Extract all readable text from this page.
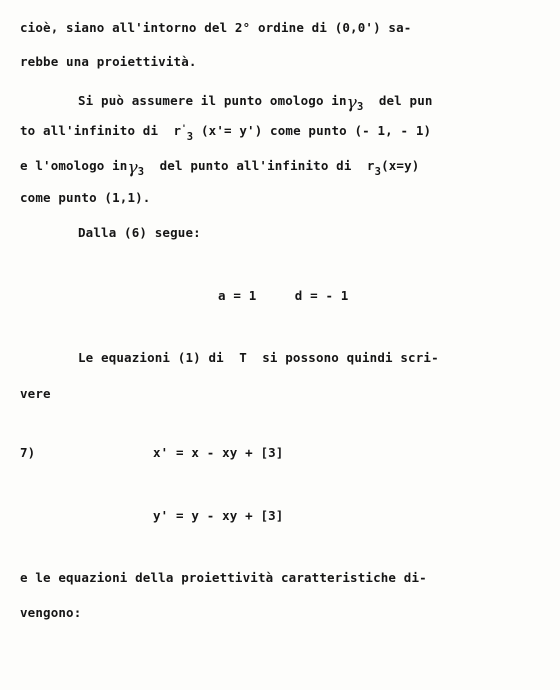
cioè, siano all'intorno del 2° ordine di (0,0') sa-
rebbe una proiettività.
Si può assumere il punto omologo inγ$_3$ del pun
to all'infinito di $r'_3$ (x'= y') come punto (- 1, - 1)
e l'omologo inγ$_3$ del punto all'infinito di $r_3(x=y)$
come punto (1,1).
Dalla (6) segue:
a = 1     d = - 1
Le equazioni (1) di  T  si possono quindi scri-
vere
7)	x' = x - xy + [3]
y' = y - xy + [3]
e le equazioni della proiettività caratteristiche di-
vengono:
